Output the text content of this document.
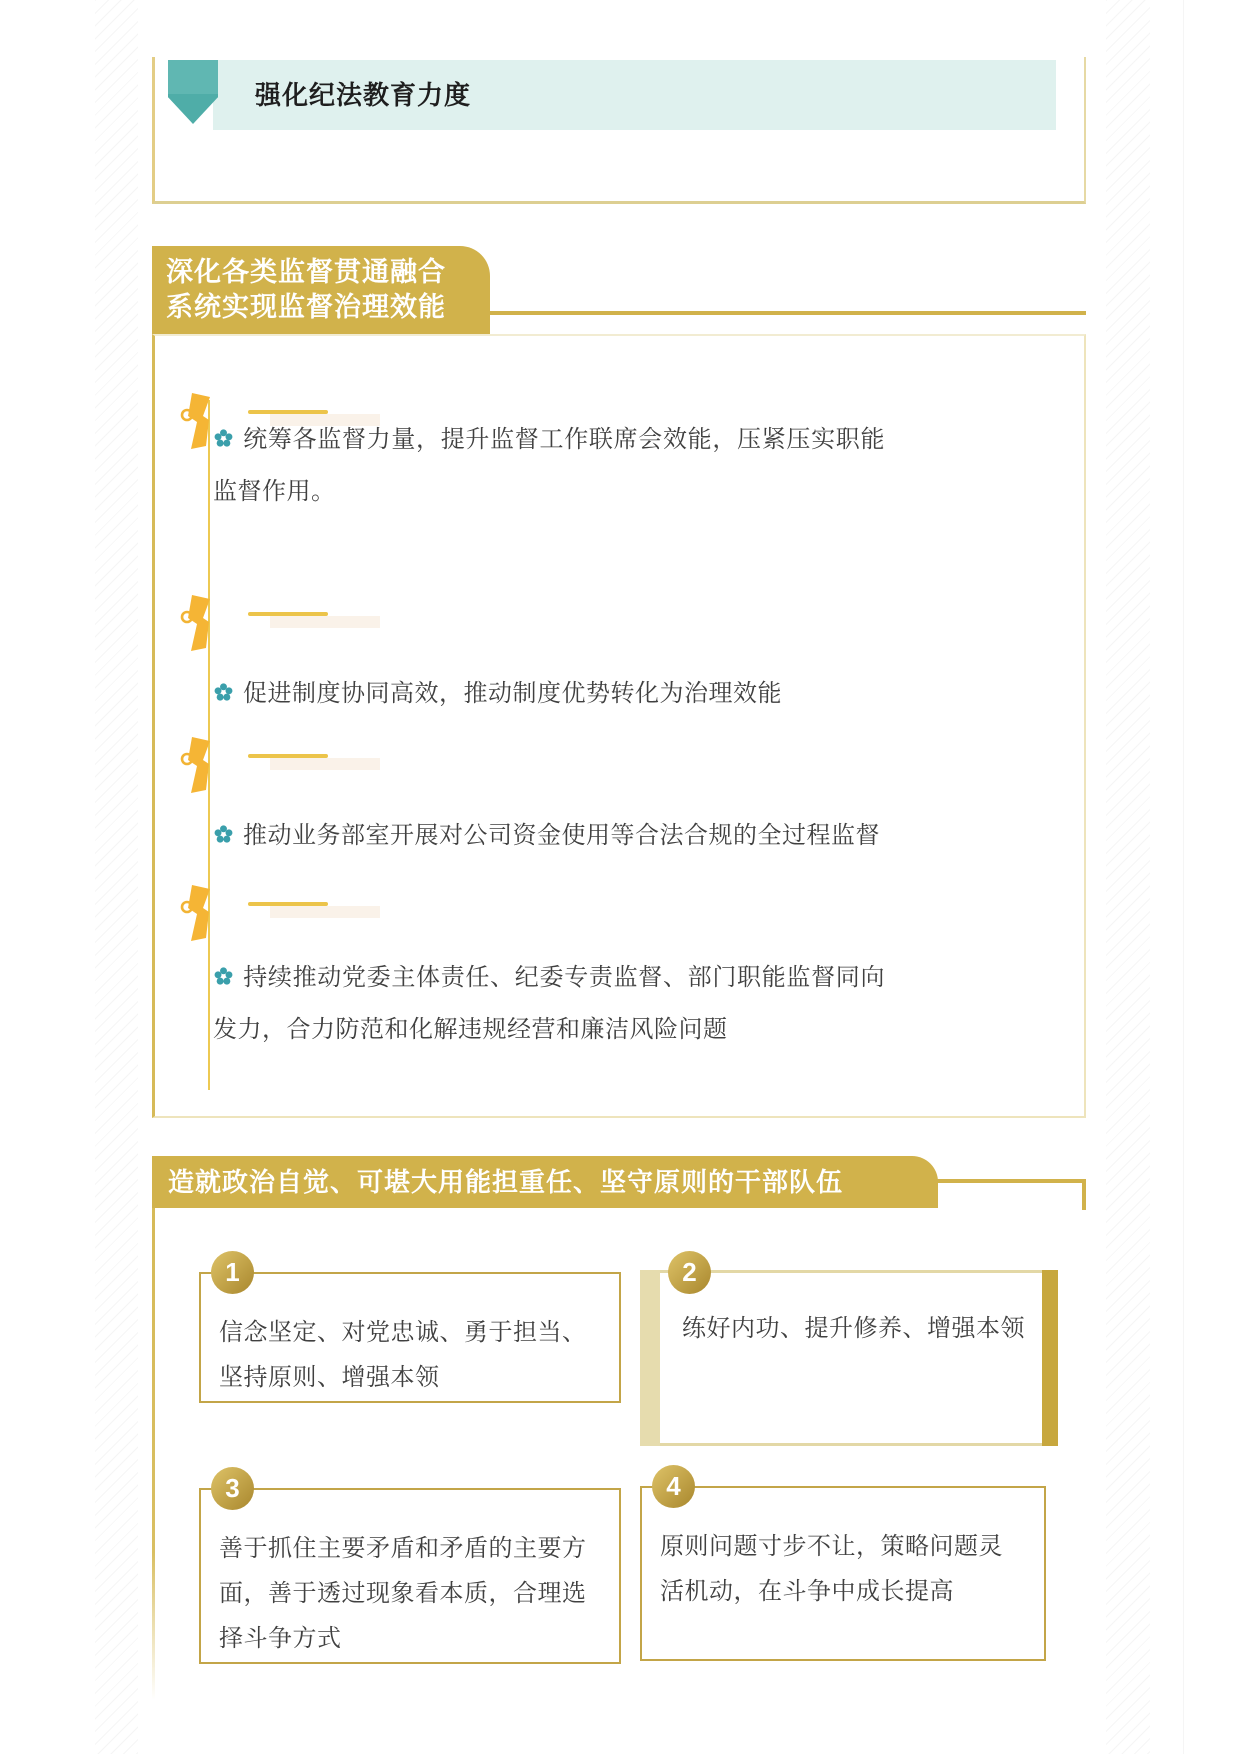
强化纪法教育力度
深化各类监督贯通融合
系统实现监督治理效能
统筹各监督力量，提升监督工作联席会效能，压紧压实职能监督作用。
促进制度协同高效，推动制度优势转化为治理效能
推动业务部室开展对公司资金使用等合法合规的全过程监督
持续推动党委主体责任、纪委专责监督、部门职能监督同向发力，合力防范和化解违规经营和廉洁风险问题
造就政治自觉、可堪大用能担重任、坚守原则的干部队伍
信念坚定、对党忠诚、勇于担当、坚持原则、增强本领
1
练好内功、提升修养、增强本领
2
善于抓住主要矛盾和矛盾的主要方面，善于透过现象看本质，合理选择斗争方式
3
原则问题寸步不让，策略问题灵活机动，在斗争中成长提高
4
